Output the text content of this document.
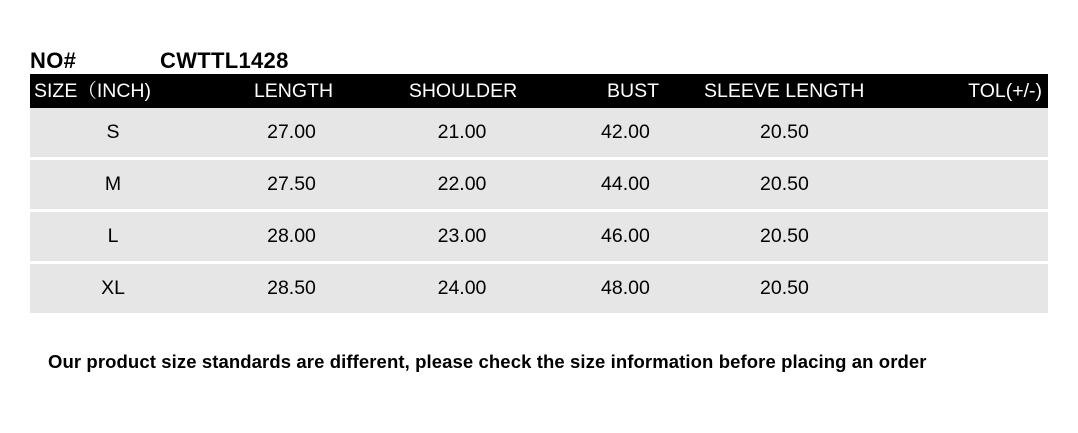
NO#	CWTTL1428
SIZE（INCH)	LENGTH	SHOULDER	BUST	SLEEVE LENGTH	TOL(+/-)
S	27.00	21.00	42.00	20.50	

M	27.50	22.00	44.00	20.50	

L	28.00	23.00	46.00	20.50	

XL	28.50	24.00	48.00	20.50	
Our product size standards are different, please check the size information before placing an order
